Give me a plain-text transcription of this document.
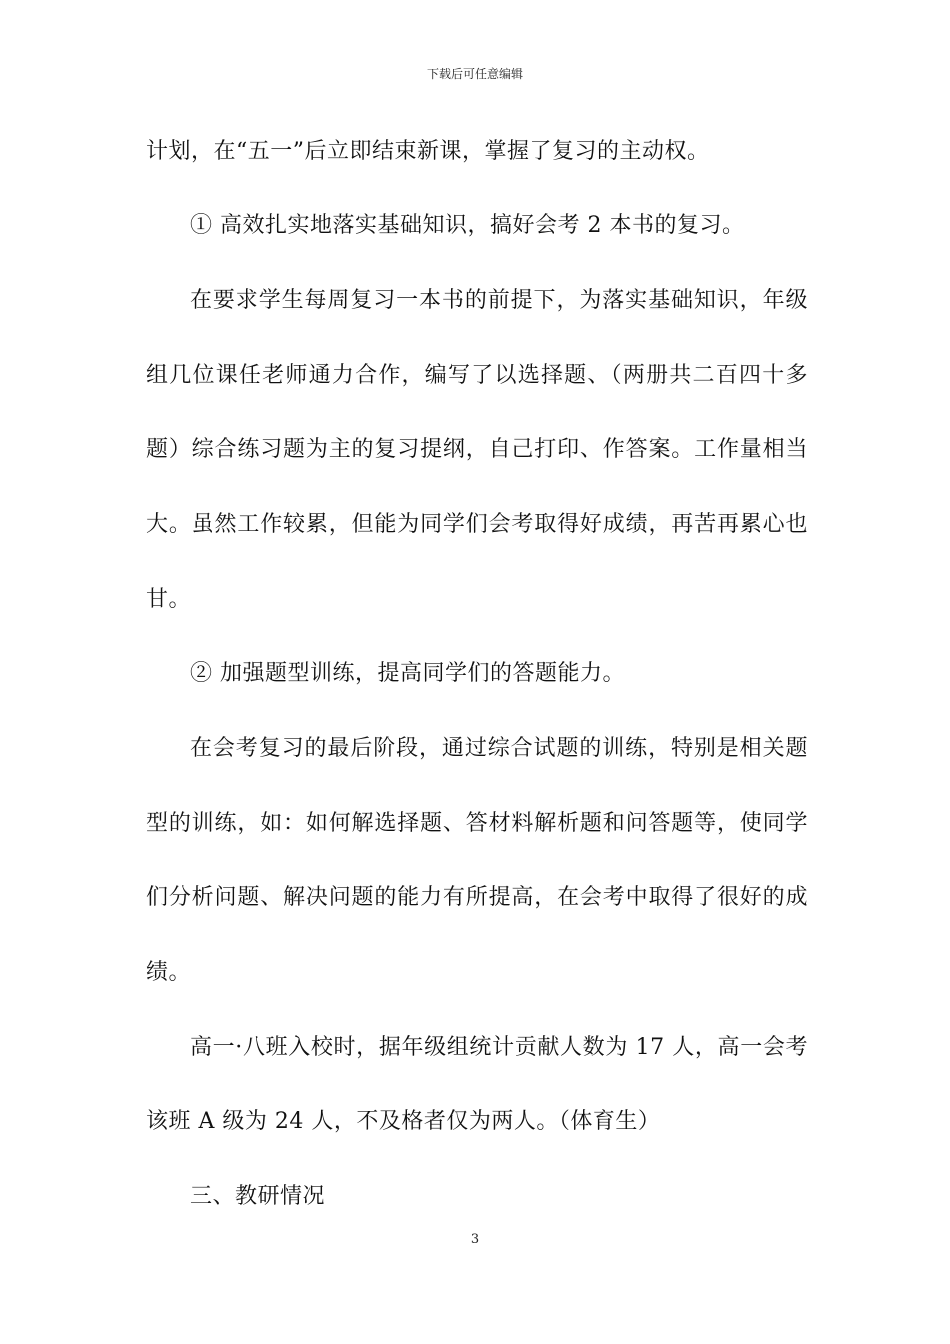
下载后可任意编辑
计划，在“五一”后立即结束新课，掌握了复习的主动权。
① 高效扎实地落实基础知识，搞好会考 2 本书的复习。
在要求学生每周复习一本书的前提下，为落实基础知识，年级
组几位课任老师通力合作，编写了以选择题、（两册共二百四十多
题）综合练习题为主的复习提纲，自己打印、作答案。工作量相当
大。虽然工作较累，但能为同学们会考取得好成绩，再苦再累心也
甘。
② 加强题型训练，提高同学们的答题能力。
在会考复习的最后阶段，通过综合试题的训练，特别是相关题
型的训练，如：如何解选择题、答材料解析题和问答题等，使同学
们分析问题、解决问题的能力有所提高，在会考中取得了很好的成
绩。
高一·八班入校时，据年级组统计贡献人数为 17 人，高一会考
该班 A 级为 24 人，不及格者仅为两人。（体育生）
三、教研情况
3
